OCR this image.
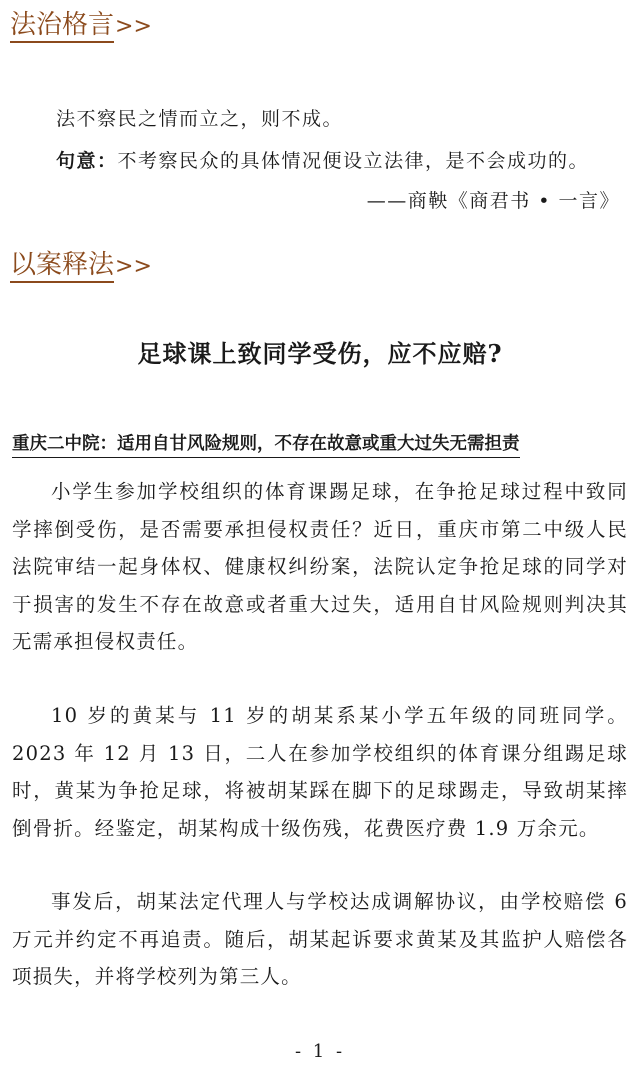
法治格言>>
法不察民之情而立之，则不成。
句意：不考察民众的具体情况便设立法律，是不会成功的。
——商鞅《商君书 • 一言》
以案释法>>
足球课上致同学受伤，应不应赔?
重庆二中院：适用自甘风险规则，不存在故意或重大过失无需担责

小学生参加学校组织的体育课踢足球，在争抢足球过程中致同学摔倒受伤，是否需要承担侵权责任？近日，重庆市第二中级人民法院审结一起身体权、健康权纠纷案，法院认定争抢足球的同学对于损害的发生不存在故意或者重大过失，适用自甘风险规则判决其无需承担侵权责任。

10 岁的黄某与 11 岁的胡某系某小学五年级的同班同学。2023 年 12 月 13 日，二人在参加学校组织的体育课分组踢足球时，黄某为争抢足球，将被胡某踩在脚下的足球踢走，导致胡某摔倒骨折。经鉴定，胡某构成十级伤残，花费医疗费 1.9 万余元。

事发后，胡某法定代理人与学校达成调解协议，由学校赔偿 6 万元并约定不再追责。随后，胡某起诉要求黄某及其监护人赔偿各项损失，并将学校列为第三人。

- 1 -
